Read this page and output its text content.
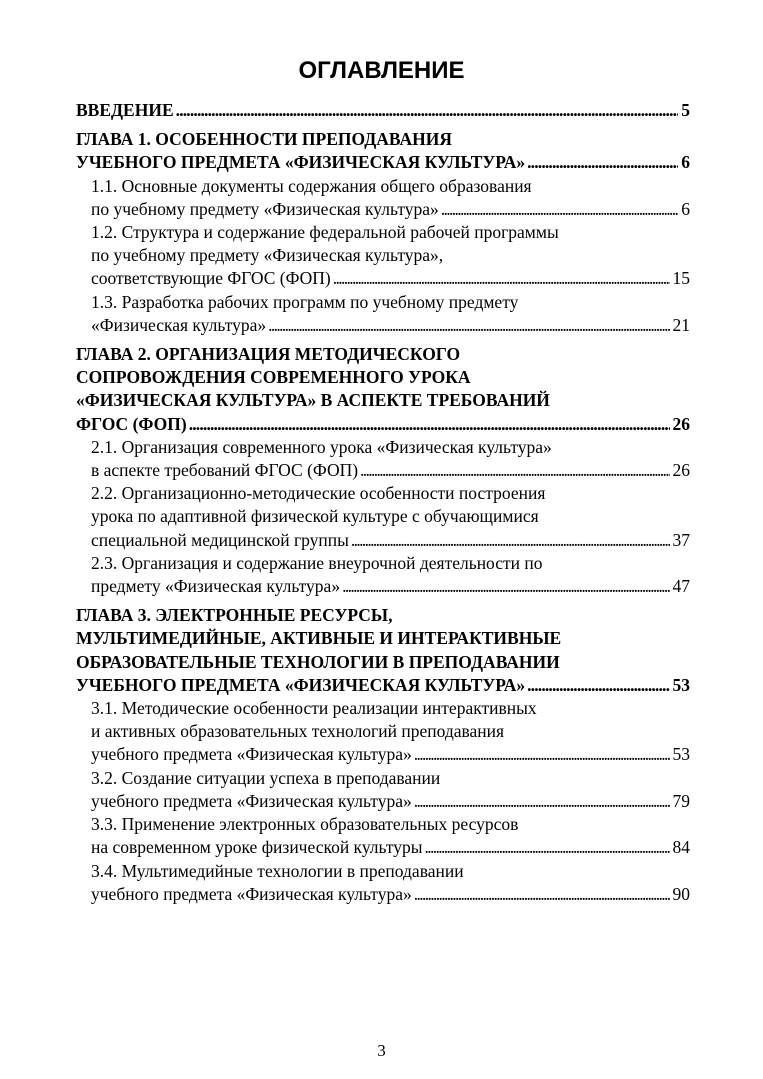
ОГЛАВЛЕНИЕ
ВВЕДЕНИЕ . . .	5
ГЛАВА 1. ОСОБЕННОСТИ ПРЕПОДАВАНИЯ
УЧЕБНОГО ПРЕДМЕТА «ФИЗИЧЕСКАЯ КУЛЬТУРА» . . .	6
1.1. Основные документы содержания общего образования
по учебному предмету «Физическая культура» . . .	6
1.2. Структура и содержание федеральной рабочей программы
по учебному предмету «Физическая культура»,
соответствующие ФГОС (ФОП) . . .	15
1.3. Разработка рабочих программ по учебному предмету
«Физическая культура» . . .	21
ГЛАВА 2. ОРГАНИЗАЦИЯ МЕТОДИЧЕСКОГО
СОПРОВОЖДЕНИЯ СОВРЕМЕННОГО УРОКА
«ФИЗИЧЕСКАЯ КУЛЬТУРА» В АСПЕКТЕ ТРЕБОВАНИЙ
ФГОС (ФОП) . . .	26
2.1. Организация современного урока «Физическая культура»
в аспекте требований ФГОС (ФОП) . . .	26
2.2. Организационно-методические особенности построения
урока по адаптивной физической культуре с обучающимися
специальной медицинской группы . . .	37
2.3. Организация и содержание внеурочной деятельности по
предмету «Физическая культура» . . .	47
ГЛАВА 3. ЭЛЕКТРОННЫЕ РЕСУРСЫ,
МУЛЬТИМЕДИЙНЫЕ, АКТИВНЫЕ И ИНТЕРАКТИВНЫЕ
ОБРАЗОВАТЕЛЬНЫЕ ТЕХНОЛОГИИ В ПРЕПОДАВАНИИ
УЧЕБНОГО ПРЕДМЕТА «ФИЗИЧЕСКАЯ КУЛЬТУРА» . . .	53
3.1. Методические особенности реализации интерактивных
и активных образовательных технологий преподавания
учебного предмета «Физическая культура» . . .	53
3.2. Создание ситуации успеха в преподавании
учебного предмета «Физическая культура» . . .	79
3.3. Применение электронных образовательных ресурсов
на современном уроке физической культуры . . .	84
3.4. Мультимедийные технологии в преподавании
учебного предмета «Физическая культура» . . .	90
3
